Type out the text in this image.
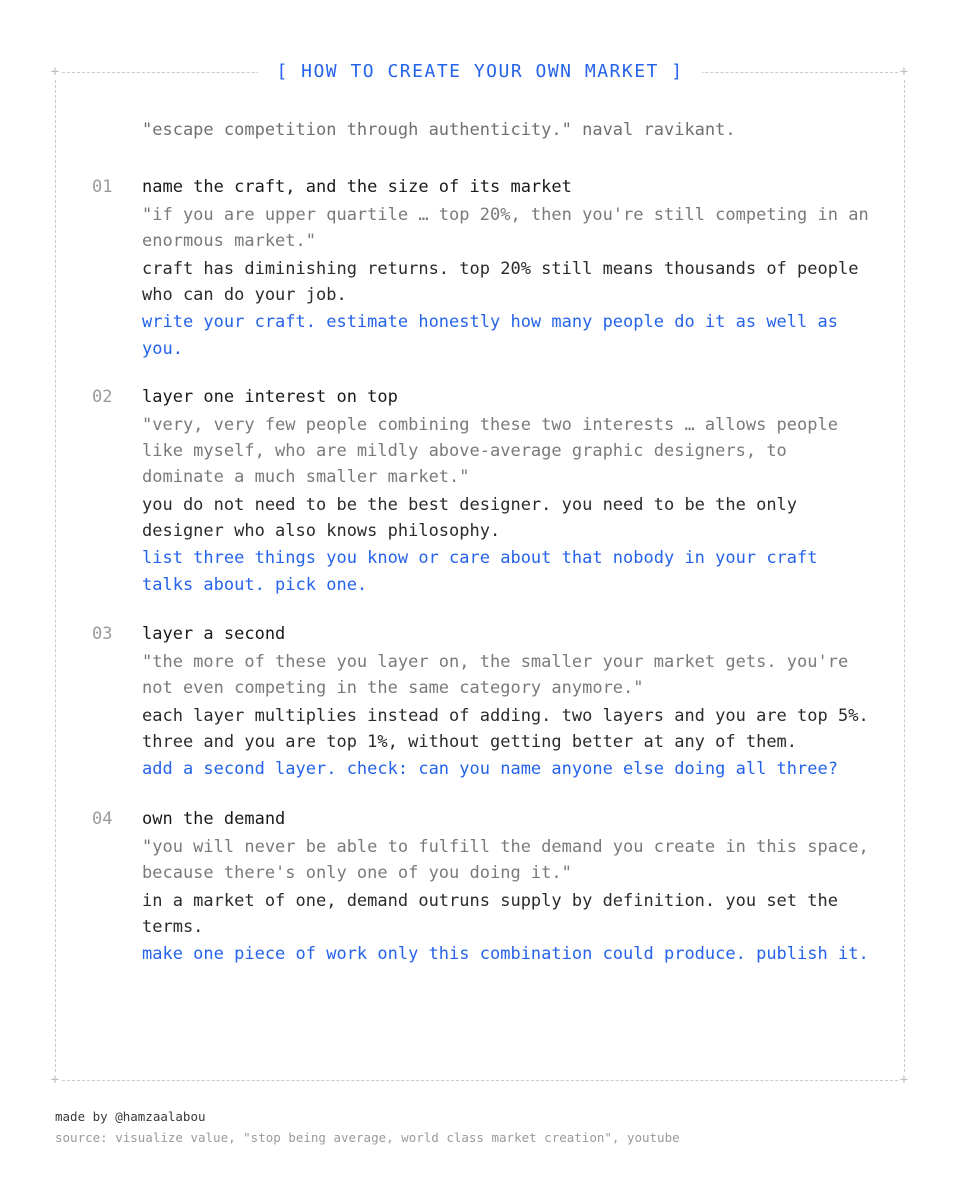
+	+
+	+
[ HOW TO CREATE YOUR OWN MARKET ]
"escape competition through authenticity." naval ravikant.
01 name the craft, and the size of its market

"if you are upper quartile … top 20%, then you're still competing in an enormous market."

craft has diminishing returns. top 20% still means thousands of people who can do your job.

write your craft. estimate honestly how many people do it as well as you.

02 layer one interest on top

"very, very few people combining these two interests … allows people like myself, who are mildly above-average graphic designers, to dominate a much smaller market."

you do not need to be the best designer. you need to be the only designer who also knows philosophy.

list three things you know or care about that nobody in your craft talks about. pick one.

03 layer a second

"the more of these you layer on, the smaller your market gets. you're not even competing in the same category anymore."

each layer multiplies instead of adding. two layers and you are top 5%. three and you are top 1%, without getting better at any of them.

add a second layer. check: can you name anyone else doing all three?

04 own the demand

"you will never be able to fulfill the demand you create in this space, because there's only one of you doing it."

in a market of one, demand outruns supply by definition. you set the terms.

make one piece of work only this combination could produce. publish it.

made by @hamzaalabou
source: visualize value, "stop being average, world class market creation", youtube
